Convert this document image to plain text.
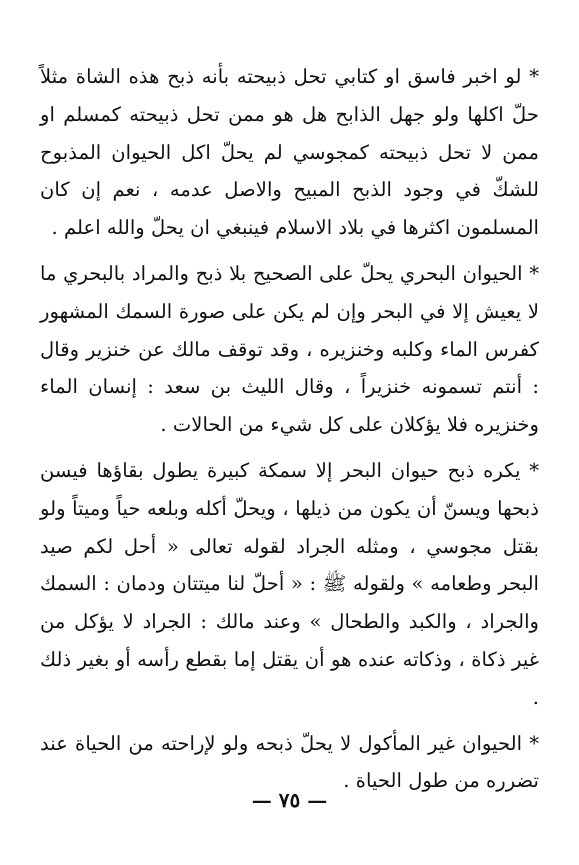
* لو اخبر فاسق او كتابي تحل ذبيحته بأنه ذبح هذه الشاة مثلاً حلّ اكلها ولو جهل الذابح هل هو ممن تحل ذبيحته كمسلم او ممن لا تحل ذبيحته كمجوسي لم يحلّ اكل الحيوان المذبوح للشكّ في وجود الذبح المبيح والاصل عدمه ، نعم إن كان المسلمون اكثرها في بلاد الاسلام فينبغي ان يحلّ والله اعلم .

* الحيوان البحري يحلّ على الصحيح بلا ذبح والمراد بالبحري ما لا يعيش إلا في البحر وإن لم يكن على صورة السمك المشهور كفرس الماء وكلبه وخنزيره ، وقد توقف مالك عن خنزير وقال : أنتم تسمونه خنزيراً ، وقال الليث بن سعد : إنسان الماء وخنزيره فلا يؤكلان على كل شيء من الحالات .

* يكره ذبح حيوان البحر إلا سمكة كبيرة يطول بقاؤها فيسن ذبحها ويسنّ أن يكون من ذيلها ، ويحلّ أكله وبلعه حياً وميتاً ولو بقتل مجوسي ، ومثله الجراد لقوله تعالى « أحل لكم صيد البحر وطعامه » ولقوله ﷺ : « أحلّ لنا ميتتان ودمان : السمك والجراد ، والكبد والطحال » وعند مالك : الجراد لا يؤكل من غير ذكاة ، وذكاته عنده هو أن يقتل إما بقطع رأسه أو بغير ذلك .

* الحيوان غير المأكول لا يحلّ ذبحه ولو لإراحته من الحياة عند تضرره من طول الحياة .

— ٧٥ —
